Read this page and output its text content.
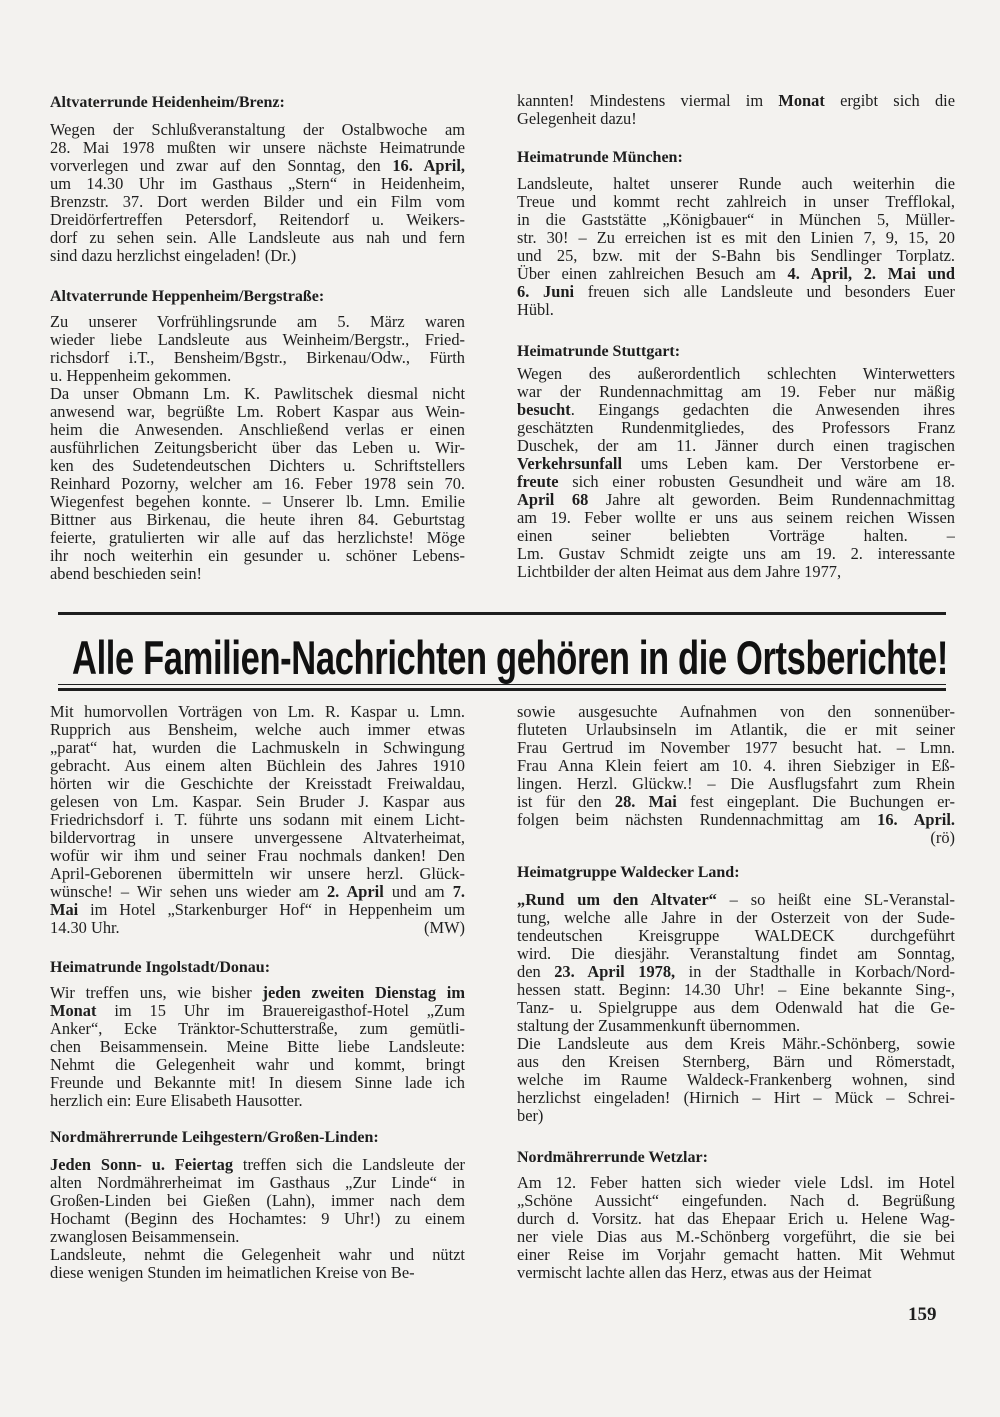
Altvaterrunde Heidenheim/Brenz:
Wegen der Schlußveranstaltung der Ostalbwoche am
28. Mai 1978 mußten wir unsere nächste Heimatrunde
vorverlegen und zwar auf den Sonntag, den 16. April,
um 14.30 Uhr im Gasthaus „Stern“ in Heidenheim,
Brenzstr. 37. Dort werden Bilder und ein Film vom
Dreidörfertreffen Petersdorf, Reitendorf u. Weikers-
dorf zu sehen sein. Alle Landsleute aus nah und fern
sind dazu herzlichst eingeladen! (Dr.)
Altvaterrunde Heppenheim/Bergstraße:
Zu unserer Vorfrühlingsrunde am 5. März waren
wieder liebe Landsleute aus Weinheim/Bergstr., Fried-
richsdorf i.T., Bensheim/Bgstr., Birkenau/Odw., Fürth
u. Heppenheim gekommen.
Da unser Obmann Lm. K. Pawlitschek diesmal nicht
anwesend war, begrüßte Lm. Robert Kaspar aus Wein-
heim die Anwesenden. Anschließend verlas er einen
ausführlichen Zeitungsbericht über das Leben u. Wir-
ken des Sudetendeutschen Dichters u. Schriftstellers
Reinhard Pozorny, welcher am 16. Feber 1978 sein 70.
Wiegenfest begehen konnte. – Unserer lb. Lmn. Emilie
Bittner aus Birkenau, die heute ihren 84. Geburtstag
feierte, gratulierten wir alle auf das herzlichste! Möge
ihr noch weiterhin ein gesunder u. schöner Lebens-
abend beschieden sein!
kannten! Mindestens viermal im Monat ergibt sich die
Gelegenheit dazu!
Heimatrunde München:
Landsleute, haltet unserer Runde auch weiterhin die
Treue und kommt recht zahlreich in unser Trefflokal,
in die Gaststätte „Königbauer“ in München 5, Müller-
str. 30! – Zu erreichen ist es mit den Linien 7, 9, 15, 20
und 25, bzw. mit der S-Bahn bis Sendlinger Torplatz.
Über einen zahlreichen Besuch am 4. April, 2. Mai und
6. Juni freuen sich alle Landsleute und besonders Euer
Hübl.
Heimatrunde Stuttgart:
Wegen des außerordentlich schlechten Winterwetters
war der Rundennachmittag am 19. Feber nur mäßig
besucht. Eingangs gedachten die Anwesenden ihres
geschätzten Rundenmitgliedes, des Professors Franz
Duschek, der am 11. Jänner durch einen tragischen
Verkehrsunfall ums Leben kam. Der Verstorbene er-
freute sich einer robusten Gesundheit und wäre am 18.
April 68 Jahre alt geworden. Beim Rundennachmittag
am 19. Feber wollte er uns aus seinem reichen Wissen
einen seiner beliebten Vorträge halten. –
Lm. Gustav Schmidt zeigte uns am 19. 2. interessante
Lichtbilder der alten Heimat aus dem Jahre 1977,
Alle Familien-Nachrichten gehören in die Ortsberichte!
Mit humorvollen Vorträgen von Lm. R. Kaspar u. Lmn.
Rupprich aus Bensheim, welche auch immer etwas
„parat“ hat, wurden die Lachmuskeln in Schwingung
gebracht. Aus einem alten Büchlein des Jahres 1910
hörten wir die Geschichte der Kreisstadt Freiwaldau,
gelesen von Lm. Kaspar. Sein Bruder J. Kaspar aus
Friedrichsdorf i. T. führte uns sodann mit einem Licht-
bildervortrag in unsere unvergessene Altvaterheimat,
wofür wir ihm und seiner Frau nochmals danken! Den
April-Geborenen übermitteln wir unsere herzl. Glück-
wünsche! – Wir sehen uns wieder am 2. April und am 7.
Mai im Hotel „Starkenburger Hof“ in Heppenheim um
14.30 Uhr.	(MW)
Heimatrunde Ingolstadt/Donau:
Wir treffen uns, wie bisher jeden zweiten Dienstag im
Monat im 15 Uhr im Brauereigasthof-Hotel „Zum
Anker“, Ecke Tränktor-Schutterstraße, zum gemütli-
chen Beisammensein. Meine Bitte liebe Landsleute:
Nehmt die Gelegenheit wahr und kommt, bringt
Freunde und Bekannte mit! In diesem Sinne lade ich
herzlich ein: Eure Elisabeth Hausotter.
Nordmährerrunde Leihgestern/Großen-Linden:
Jeden Sonn- u. Feiertag treffen sich die Landsleute der
alten Nordmährerheimat im Gasthaus „Zur Linde“ in
Großen-Linden bei Gießen (Lahn), immer nach dem
Hochamt (Beginn des Hochamtes: 9 Uhr!) zu einem
zwanglosen Beisammensein.
Landsleute, nehmt die Gelegenheit wahr und nützt
diese wenigen Stunden im heimatlichen Kreise von Be-
sowie ausgesuchte Aufnahmen von den sonnenüber-
fluteten Urlaubsinseln im Atlantik, die er mit seiner
Frau Gertrud im November 1977 besucht hat. – Lmn.
Frau Anna Klein feiert am 10. 4. ihren Siebziger in Eß-
lingen. Herzl. Glückw.! – Die Ausflugsfahrt zum Rhein
ist für den 28. Mai fest eingeplant. Die Buchungen er-
folgen beim nächsten Rundennachmittag am 16. April.
(rö)
Heimatgruppe Waldecker Land:
„Rund um den Altvater“ – so heißt eine SL-Veranstal-
tung, welche alle Jahre in der Osterzeit von der Sude-
tendeutschen Kreisgruppe WALDECK durchgeführt
wird. Die diesjähr. Veranstaltung findet am Sonntag,
den 23. April 1978, in der Stadthalle in Korbach/Nord-
hessen statt. Beginn: 14.30 Uhr! – Eine bekannte Sing-,
Tanz- u. Spielgruppe aus dem Odenwald hat die Ge-
staltung der Zusammenkunft übernommen.
Die Landsleute aus dem Kreis Mähr.-Schönberg, sowie
aus den Kreisen Sternberg, Bärn und Römerstadt,
welche im Raume Waldeck-Frankenberg wohnen, sind
herzlichst eingeladen! (Hirnich – Hirt – Mück – Schrei-
ber)
Nordmährerrunde Wetzlar:
Am 12. Feber hatten sich wieder viele Ldsl. im Hotel
„Schöne Aussicht“ eingefunden. Nach d. Begrüßung
durch d. Vorsitz. hat das Ehepaar Erich u. Helene Wag-
ner viele Dias aus M.-Schönberg vorgeführt, die sie bei
einer Reise im Vorjahr gemacht hatten. Mit Wehmut
vermischt lachte allen das Herz, etwas aus der Heimat
159
